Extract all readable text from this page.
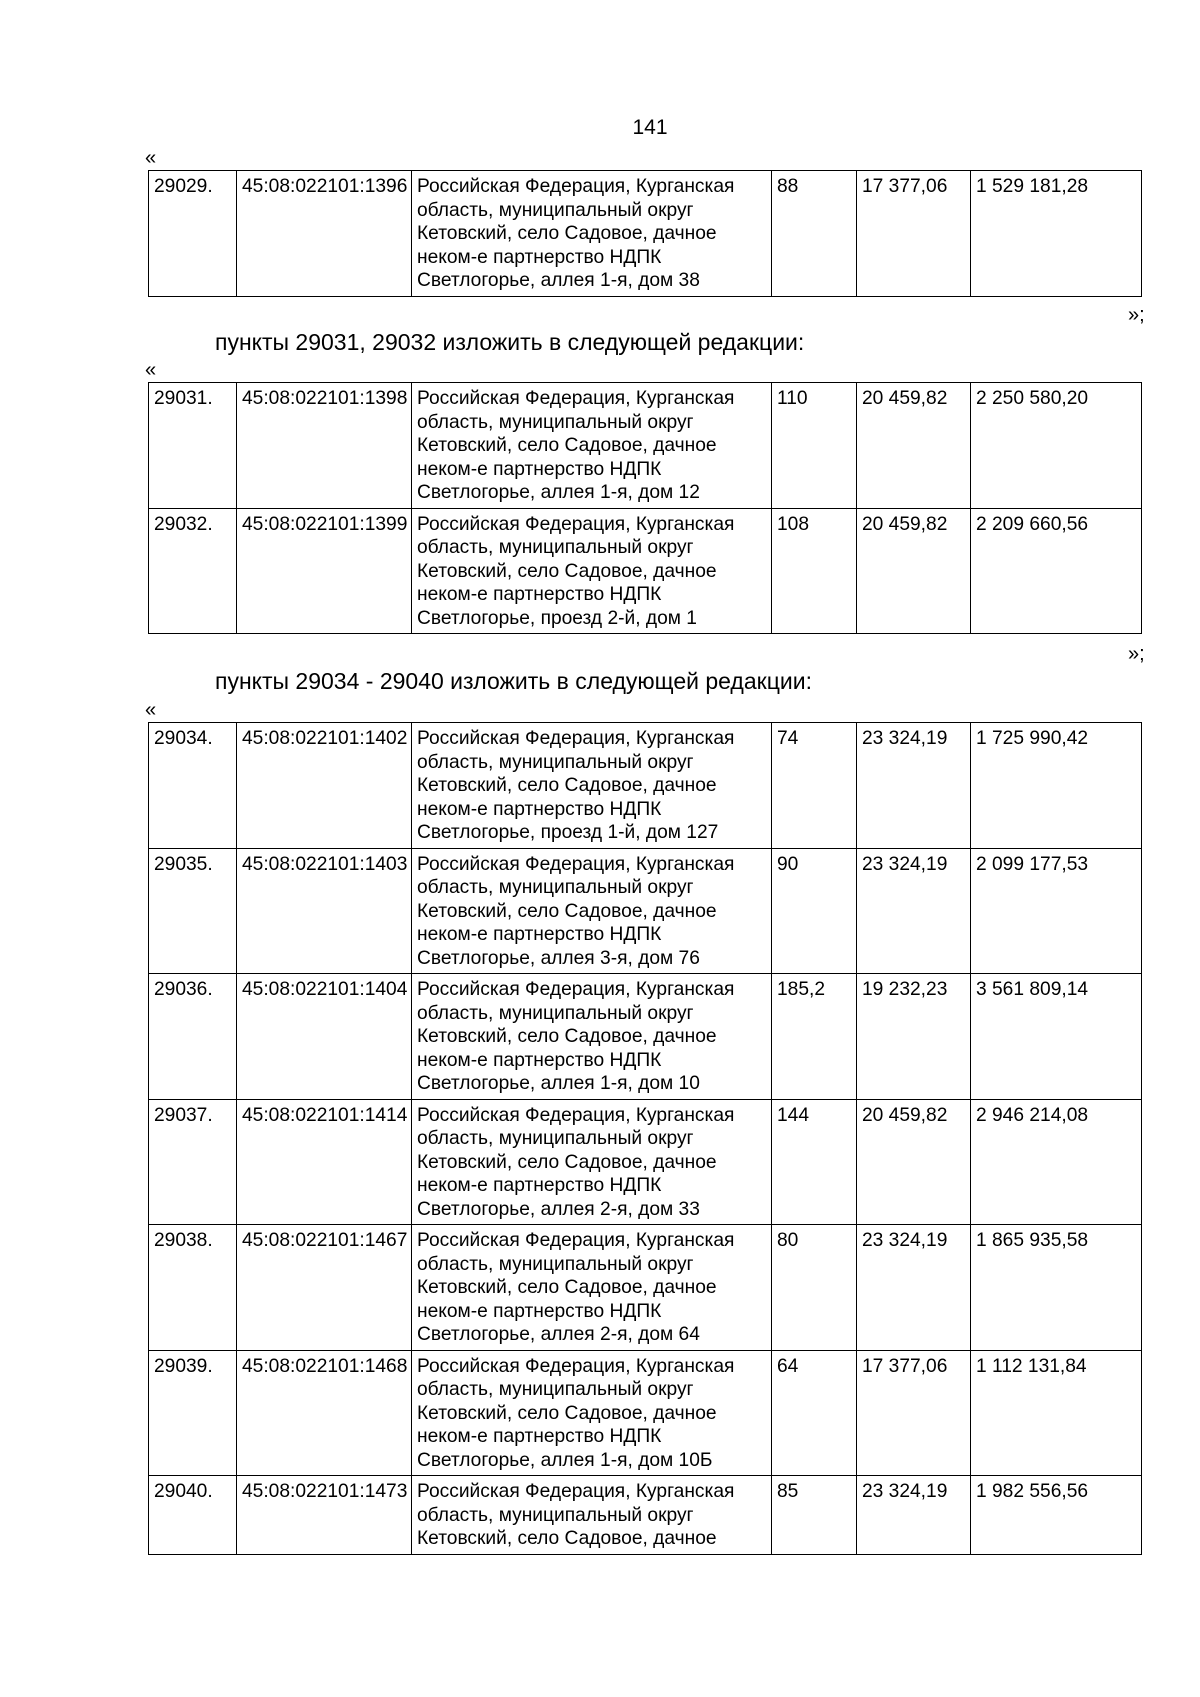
141
«
29029.	45:08:022101:1396	Российская Федерация, Курганская область, муниципальный округ Кетовский, село Садовое, дачное неком-е партнерство НДПК Светлогорье, аллея 1-я, дом 38	88	17 377,06	1 529 181,28
»;
пункты 29031, 29032 изложить в следующей редакции:
«
29031.	45:08:022101:1398	Российская Федерация, Курганская область, муниципальный округ Кетовский, село Садовое, дачное неком-е партнерство НДПК Светлогорье, аллея 1-я, дом 12	110	20 459,82	2 250 580,20
29032.	45:08:022101:1399	Российская Федерация, Курганская область, муниципальный округ Кетовский, село Садовое, дачное неком-е партнерство НДПК Светлогорье, проезд 2-й, дом 1	108	20 459,82	2 209 660,56
»;
пункты 29034 - 29040 изложить в следующей редакции:
«
29034.	45:08:022101:1402	Российская Федерация, Курганская область, муниципальный округ Кетовский, село Садовое, дачное неком-е партнерство НДПК Светлогорье, проезд 1-й, дом 127	74	23 324,19	1 725 990,42
29035.	45:08:022101:1403	Российская Федерация, Курганская область, муниципальный округ Кетовский, село Садовое, дачное неком-е партнерство НДПК Светлогорье, аллея 3-я, дом 76	90	23 324,19	2 099 177,53
29036.	45:08:022101:1404	Российская Федерация, Курганская область, муниципальный округ Кетовский, село Садовое, дачное неком-е партнерство НДПК Светлогорье, аллея 1-я, дом 10	185,2	19 232,23	3 561 809,14
29037.	45:08:022101:1414	Российская Федерация, Курганская область, муниципальный округ Кетовский, село Садовое, дачное неком-е партнерство НДПК Светлогорье, аллея 2-я, дом 33	144	20 459,82	2 946 214,08
29038.	45:08:022101:1467	Российская Федерация, Курганская область, муниципальный округ Кетовский, село Садовое, дачное неком-е партнерство НДПК Светлогорье, аллея 2-я, дом 64	80	23 324,19	1 865 935,58
29039.	45:08:022101:1468	Российская Федерация, Курганская область, муниципальный округ Кетовский, село Садовое, дачное неком-е партнерство НДПК Светлогорье, аллея 1-я, дом 10Б	64	17 377,06	1 112 131,84
29040.	45:08:022101:1473	Российская Федерация, Курганская область, муниципальный округ Кетовский, село Садовое, дачное	85	23 324,19	1 982 556,56
